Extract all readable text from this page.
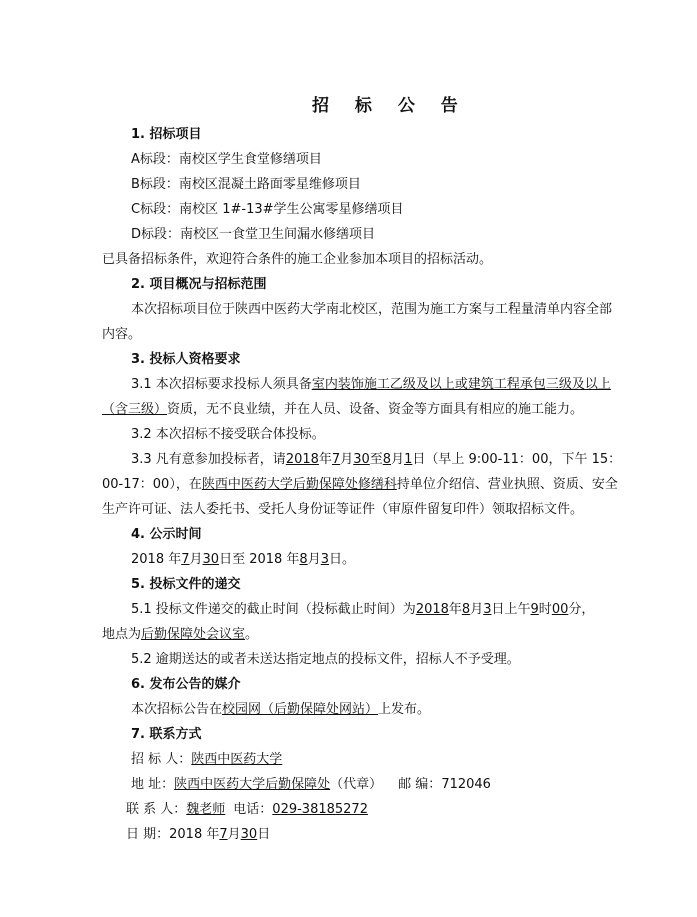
招 标 公 告
1. 招标项目
A标段：南校区学生食堂修缮项目
B标段：南校区混凝土路面零星维修项目
C标段：南校区 1#-13#学生公寓零星修缮项目
D标段：南校区一食堂卫生间漏水修缮项目
已具备招标条件，欢迎符合条件的施工企业参加本项目的招标活动。
2. 项目概况与招标范围
本次招标项目位于陕西中医药大学南北校区，范围为施工方案与工程量清单内容全部
内容。
3. 投标人资格要求
3.1 本次招标要求投标人须具备室内装饰施工乙级及以上或建筑工程承包三级及以上
（含三级）资质，无不良业绩，并在人员、设备、资金等方面具有相应的施工能力。
3.2 本次招标不接受联合体投标。
3.3 凡有意参加投标者，请2018年7月30至8月1日（早上 9:00-11：00，下午 15：
00-17：00），在陕西中医药大学后勤保障处修缮科持单位介绍信、营业执照、资质、安全
生产许可证、法人委托书、受托人身份证等证件（审原件留复印件）领取招标文件。
4. 公示时间
2018 年7月30日至 2018 年8月3日。
5. 投标文件的递交
5.1 投标文件递交的截止时间（投标截止时间）为2018年8月3日上午9时00分，
地点为后勤保障处会议室。
5.2 逾期送达的或者未送达指定地点的投标文件，招标人不予受理。
6. 发布公告的媒介
本次招标公告在校园网（后勤保障处网站）上发布。
7. 联系方式
招 标 人：陕西中医药大学
地 址：陕西中医药大学后勤保障处（代章） 邮 编：712046
联 系 人：魏老师 电话：029-38185272
日 期：2018 年7月30日
